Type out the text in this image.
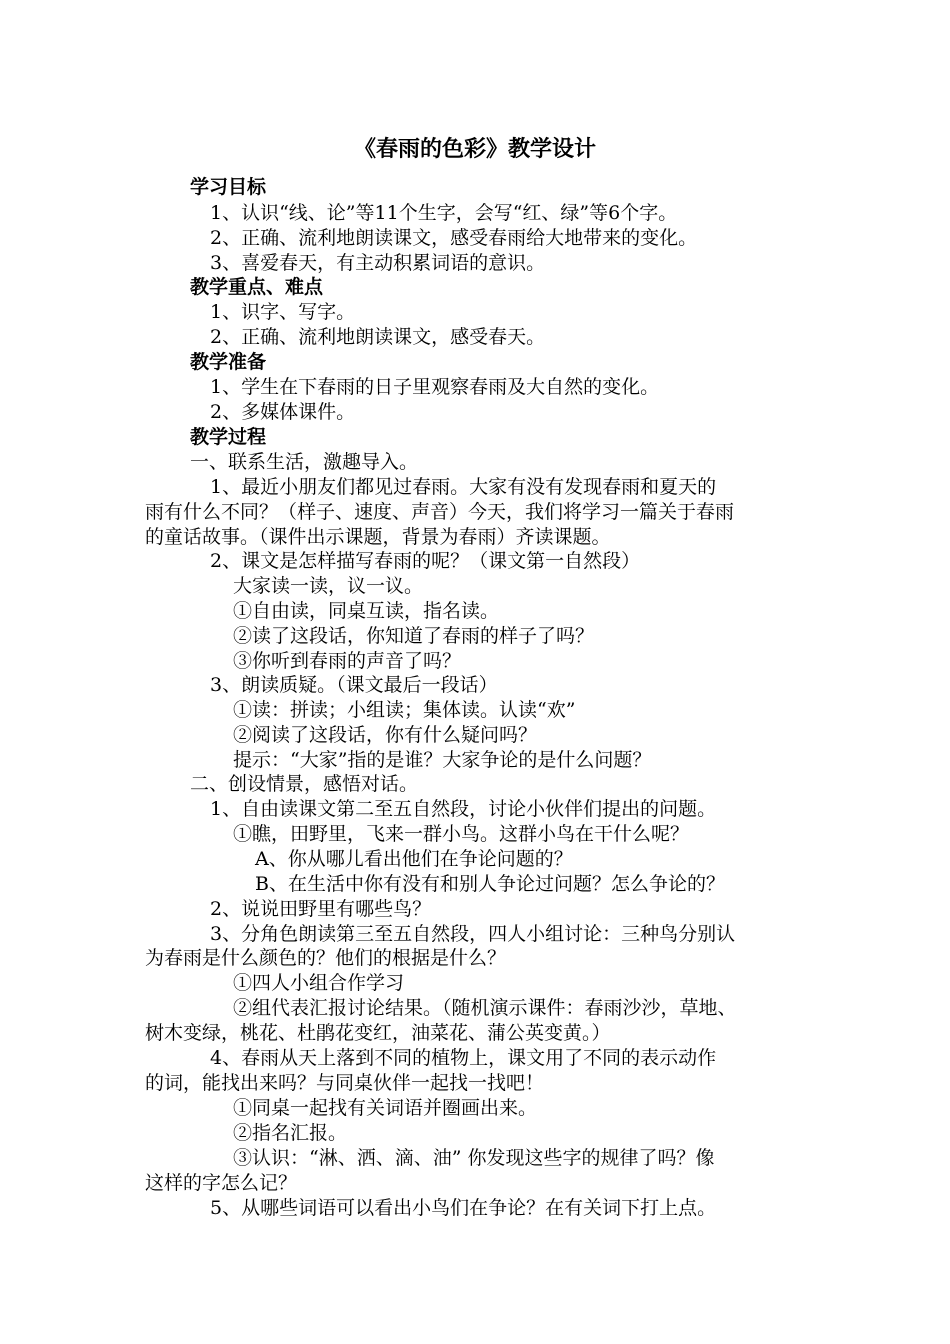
《春雨的色彩》教学设计
学习目标
1、认识“线、论”等11个生字，会写“红、绿”等6个字。
2、正确、流利地朗读课文，感受春雨给大地带来的变化。
3、喜爱春天，有主动积累词语的意识。
教学重点、难点
1、识字、写字。
2、正确、流利地朗读课文，感受春天。
教学准备
1、学生在下春雨的日子里观察春雨及大自然的变化。
2、多媒体课件。
教学过程
一、联系生活，激趣导入。
1、最近小朋友们都见过春雨。大家有没有发现春雨和夏天的
雨有什么不同？（样子、速度、声音）今天，我们将学习一篇关于春雨
的童话故事。（课件出示课题，背景为春雨）齐读课题。
2、课文是怎样描写春雨的呢？（课文第一自然段）
大家读一读，议一议。
①自由读，同桌互读，指名读。
②读了这段话，你知道了春雨的样子了吗？
③你听到春雨的声音了吗？
3、朗读质疑。（课文最后一段话）
①读：拼读；小组读；集体读。认读“欢”
②阅读了这段话，你有什么疑问吗？
提示：“大家”指的是谁？大家争论的是什么问题？
二、创设情景，感悟对话。
1、自由读课文第二至五自然段，讨论小伙伴们提出的问题。
①瞧，田野里，飞来一群小鸟。这群小鸟在干什么呢？
A、你从哪儿看出他们在争论问题的？
B、在生活中你有没有和别人争论过问题？怎么争论的？
2、说说田野里有哪些鸟？
3、分角色朗读第三至五自然段，四人小组讨论：三种鸟分别认
为春雨是什么颜色的？他们的根据是什么？
①四人小组合作学习
②组代表汇报讨论结果。（随机演示课件：春雨沙沙，草地、
树木变绿，桃花、杜鹃花变红，油菜花、蒲公英变黄。）
4、春雨从天上落到不同的植物上，课文用了不同的表示动作
的词，能找出来吗？与同桌伙伴一起找一找吧！
①同桌一起找有关词语并圈画出来。
②指名汇报。
③认识：“淋、洒、滴、油” 你发现这些字的规律了吗？像
这样的字怎么记？
5、从哪些词语可以看出小鸟们在争论？在有关词下打上点。
